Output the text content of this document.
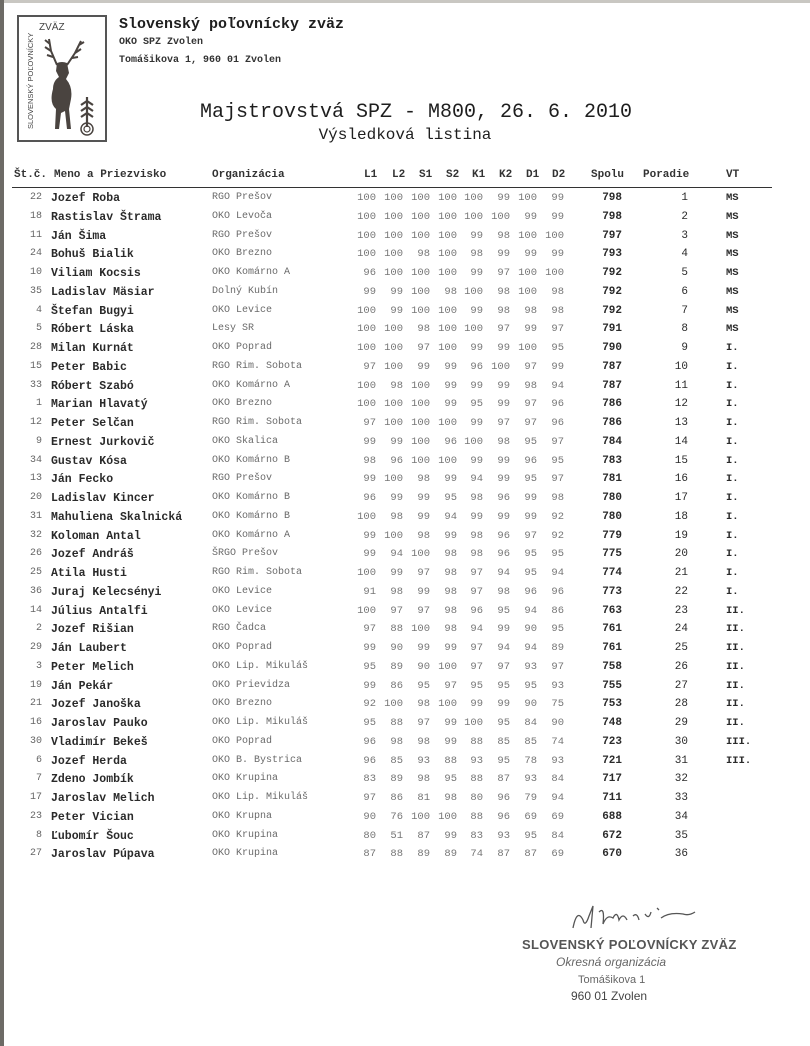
SLOVENSKÝ POĽOVNÍCKY
ZVÄZ	Slovenský poľovnícky zväz
OKO SPZ Zvolen
Tomášikova 1, 960 01 Zvolen
Majstrovstvá SPZ - M800, 26. 6. 2010
Výsledková listina
Št.č. Meno a Priezvisko	Organizácia	L1 L2 S1 S2 K1 K2 D1 D2 Spolu Poradie	VT
22 Jozef Roba	RGO Prešov	100 100 100 100 100	99 100	99	798	1	MS
18 Rastislav Štrama	OKO Levoča	100 100 100 100 100 100	99	99	798	2	MS
11 Ján Šima	RGO Prešov	100 100 100 100	99	98 100 100	797	3	MS
24 Bohuš Bialik	OKO Brezno	100 100	98 100	98	99	99	99	793	4	MS
10 Viliam Kocsis	OKO Komárno A	96 100 100 100	99	97 100 100	792	5	MS
35 Ladislav Mäsiar	Dolný Kubín	99	99 100	98 100	98 100	98	792	6	MS
4 Štefan Bugyi	OKO Levice	100	99 100 100	99	98	98	98	792	7	MS
5 Róbert Láska	Lesy SR	100 100	98 100 100	97	99	97	791	8	MS
28 Milan Kurnát	OKO Poprad	100 100	97 100	99	99 100	95	790	9	I.
15 Peter Babic	RGO Rim. Sobota	97 100	99	99	96 100	97	99	787	10	I.
33 Róbert Szabó	OKO Komárno A	100	98 100	99	99	99	98	94	787	11	I.
1 Marian Hlavatý	OKO Brezno	100 100 100	99	95	99	97	96	786	12	I.
12 Peter Selčan	RGO Rim. Sobota	97 100 100 100	99	97	97	96	786	13	I.
9 Ernest Jurkovič	OKO Skalica	99	99 100	96 100	98	95	97	784	14	I.
34 Gustav Kósa	OKO Komárno B	98	96 100 100	99	99	96	95	783	15	I.
13 Ján Fecko	RGO Prešov	99 100	98	99	94	99	95	97	781	16	I.
20 Ladislav Kincer	OKO Komárno B	96	99	99	95	98	96	99	98	780	17	I.
31 Mahuliena Skalnická	OKO Komárno B	100	98	99	94	99	99	99	92	780	18	I.
32 Koloman Antal	OKO Komárno A	99 100	98	99	98	96	97	92	779	19	I.
26 Jozef Andráš	ŠRGO Prešov	99	94 100	98	98	96	95	95	775	20	I.
25 Atila Husti	RGO Rim. Sobota	100	99	97	98	97	94	95	94	774	21	I.
36 Juraj Kelecsényi	OKO Levice	91	98	99	98	97	98	96	96	773	22	I.
14 Július Antalfi	OKO Levice	100	97	97	98	96	95	94	86	763	23	II.
2 Jozef Rišian	RGO Čadca	97	88 100	98	94	99	90	95	761	24	II.
29 Ján Laubert	OKO Poprad	99	90	99	99	97	94	94	89	761	25	II.
3 Peter Melich	OKO Lip. Mikuláš	95	89	90 100	97	97	93	97	758	26	II.
19 Ján Pekár	OKO Prievidza	99	86	95	97	95	95	95	93	755	27	II.
21 Jozef Janoška	OKO Brezno	92 100	98 100	99	99	90	75	753	28	II.
16 Jaroslav Pauko	OKO Lip. Mikuláš	95	88	97	99 100	95	84	90	748	29	II.
30 Vladimír Bekeš	OKO Poprad	96	98	98	99	88	85	85	74	723	30	III.
6 Jozef Herda	OKO B. Bystrica	96	85	93	88	93	95	78	93	721	31	III.
7 Zdeno Jombík	OKO Krupina	83	89	98	95	88	87	93	84	717	32
17 Jaroslav Melich	OKO Lip. Mikuláš	97	86	81	98	80	96	79	94	711	33
23 Peter Vician	OKO Krupna	90	76 100 100	88	96	69	69	688	34
8 Ľubomír Šouc	OKO Krupina	80	51	87	99	83	93	95	84	672	35
27 Jaroslav Púpava	OKO Krupina	87	88	89	89	74	87	87	69	670	36
SLOVENSKÝ POĽOVNÍCKY ZVÄZ
Okresná organizácia
Tomášikova 1
960 01 Zvolen
